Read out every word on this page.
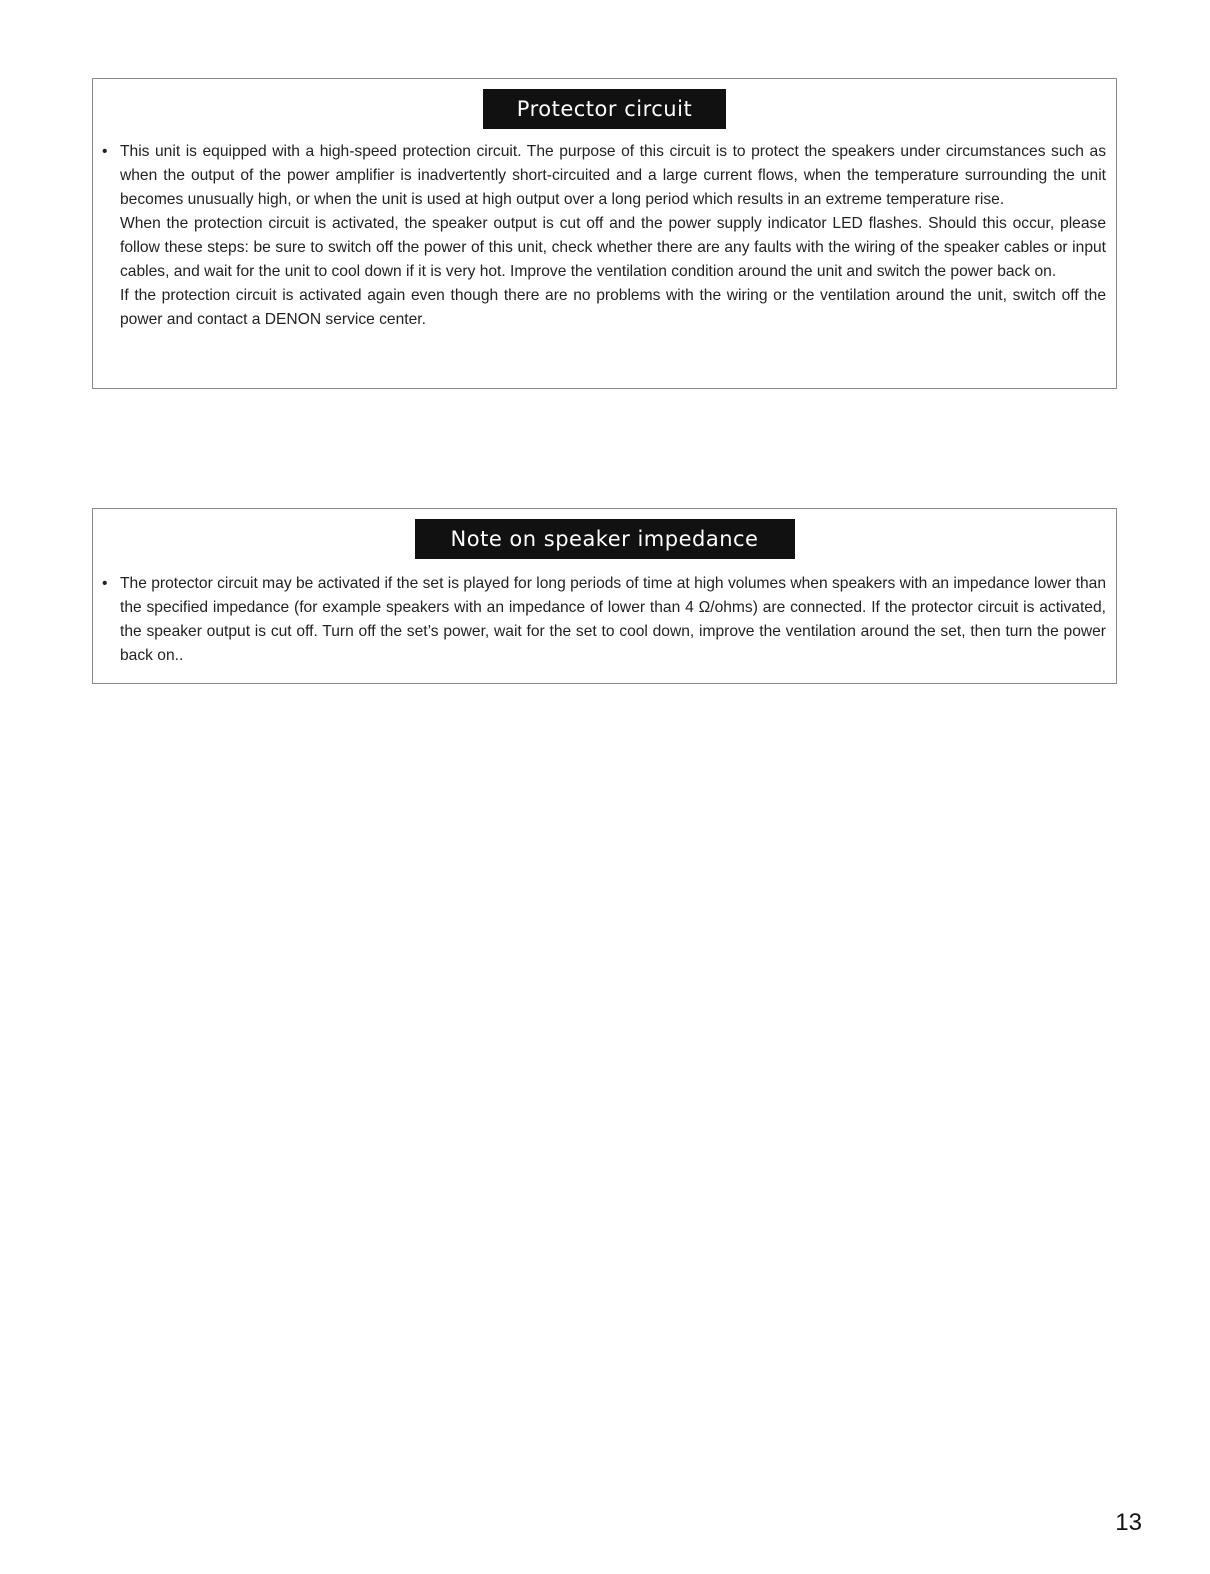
Protector circuit
• This unit is equipped with a high-speed protection circuit. The purpose of this circuit is to protect the speakers under circumstances such as when the output of the power amplifier is inadvertently short-circuited and a large current flows, when the temperature surrounding the unit becomes unusually high, or when the unit is used at high output over a long period which results in an extreme temperature rise.

When the protection circuit is activated, the speaker output is cut off and the power supply indicator LED flashes. Should this occur, please follow these steps: be sure to switch off the power of this unit, check whether there are any faults with the wiring of the speaker cables or input cables, and wait for the unit to cool down if it is very hot. Improve the ventilation condition around the unit and switch the power back on.

If the protection circuit is activated again even though there are no problems with the wiring or the ventilation around the unit, switch off the power and contact a DENON service center.

Note on speaker impedance
• The protector circuit may be activated if the set is played for long periods of time at high volumes when speakers with an impedance lower than the specified impedance (for example speakers with an impedance of lower than 4 Ω/ohms) are connected. If the protector circuit is activated, the speaker output is cut off. Turn off the set’s power, wait for the set to cool down, improve the ventilation around the set, then turn the power back on..

13
